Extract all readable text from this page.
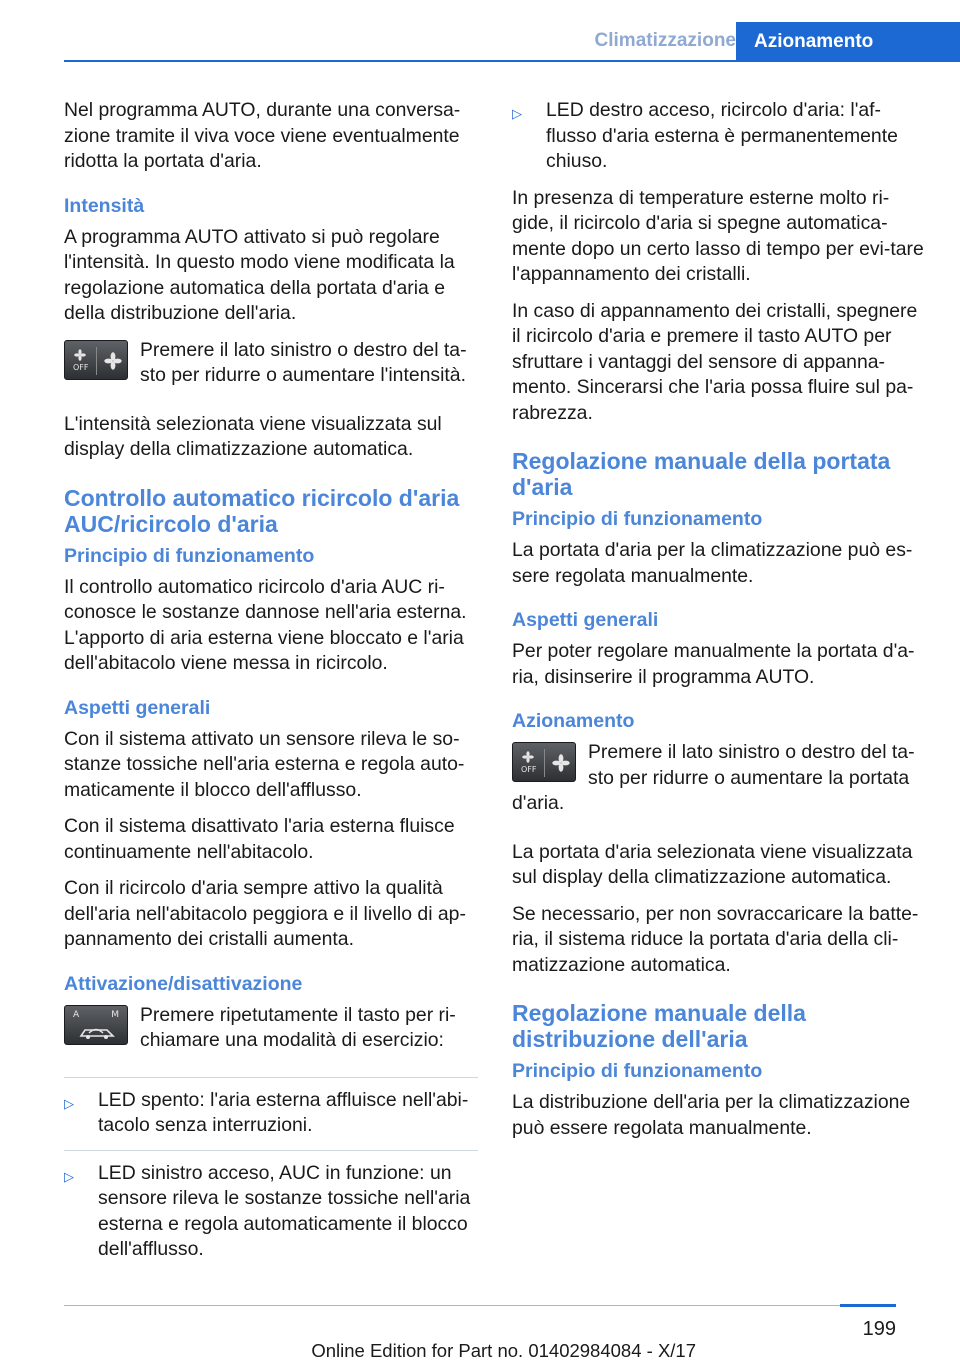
Climatizzazione Azionamento

Nel programma AUTO, durante una conversa-zione tramite il viva voce viene eventualmente ridotta la portata d'aria.

Intensità

A programma AUTO attivato si può regolare l'intensità. In questo modo viene modificata la regolazione automatica della portata d'aria e della distribuzione dell'aria.

OFF

Premere il lato sinistro o destro del ta-sto per ridurre o aumentare l'intensità.

L'intensità selezionata viene visualizzata sul display della climatizzazione automatica.

Controllo automatico ricircolo d'aria AUC/ricircolo d'aria
Principio di funzionamento

Il controllo automatico ricircolo d'aria AUC ri-conosce le sostanze dannose nell'aria esterna. L'apporto di aria esterna viene bloccato e l'aria dell'abitacolo viene messa in ricircolo.

Aspetti generali

Con il sistema attivato un sensore rileva le so-stanze tossiche nell'aria esterna e regola auto-maticamente il blocco dell'afflusso.

Con il sistema disattivato l'aria esterna fluisce continuamente nell'abitacolo.

Con il ricircolo d'aria sempre attivo la qualità dell'aria nell'abitacolo peggiora e il livello di ap-pannamento dei cristalli aumenta.

Attivazione/disattivazione
A	M	Premere ripetutamente il tasto per ri-chiamare una modalità di esercizio:

▷ LED spento: l'aria esterna affluisce nell'abi-tacolo senza interruzioni.
▷ LED sinistro acceso, AUC in funzione: un sensore rileva le sostanze tossiche nell'aria esterna e regola automaticamente il blocco dell'afflusso.
▷ LED destro acceso, ricircolo d'aria: l'af-flusso d'aria esterna è permanentemente chiuso.

In presenza di temperature esterne molto ri-gide, il ricircolo d'aria si spegne automatica-mente dopo un certo lasso di tempo per evi-tare l'appannamento dei cristalli.

In caso di appannamento dei cristalli, spegnere il ricircolo d'aria e premere il tasto AUTO per sfruttare i vantaggi del sensore di appanna-mento. Sincerarsi che l'aria possa fluire sul pa-rabrezza.

Regolazione manuale della portata d'aria
Principio di funzionamento

La portata d'aria per la climatizzazione può es-sere regolata manualmente.

Aspetti generali

Per poter regolare manualmente la portata d'a-ria, disinserire il programma AUTO.

Azionamento
OFF

Premere il lato sinistro o destro del ta-sto per ridurre o aumentare la portata d'aria.

La portata d'aria selezionata viene visualizzata sul display della climatizzazione automatica.

Se necessario, per non sovraccaricare la batte-ria, il sistema riduce la portata d'aria della cli-matizzazione automatica.

Regolazione manuale della distribuzione dell'aria
Principio di funzionamento

La distribuzione dell'aria per la climatizzazione può essere regolata manualmente.

199
Online Edition for Part no. 01402984084 - X/17
